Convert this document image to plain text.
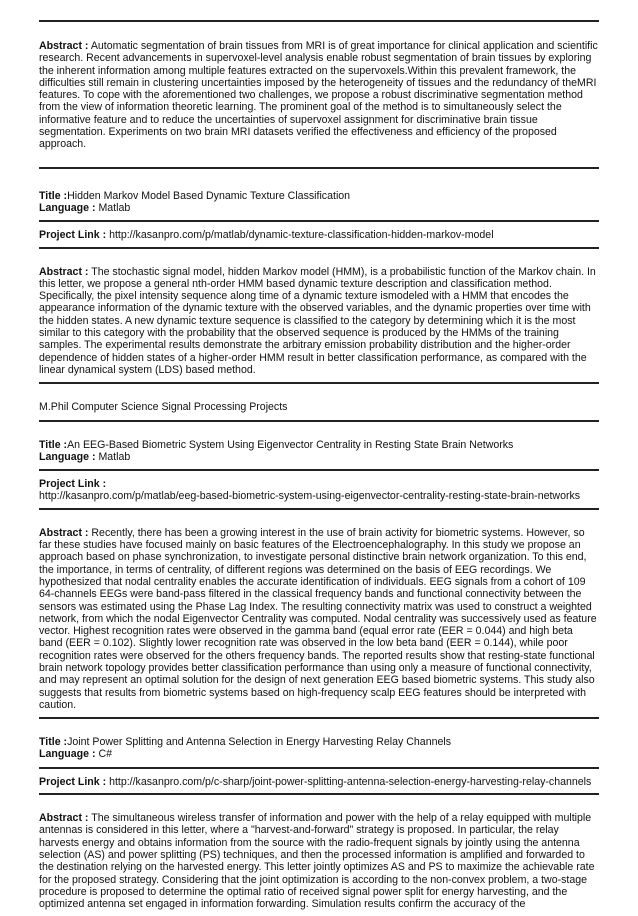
Abstract : Automatic segmentation of brain tissues from MRI is of great importance for clinical application and scientific research. Recent advancements in supervoxel-level analysis enable robust segmentation of brain tissues by exploring the inherent information among multiple features extracted on the supervoxels.Within this prevalent framework, the difficulties still remain in clustering uncertainties imposed by the heterogeneity of tissues and the redundancy of theMRI features. To cope with the aforementioned two challenges, we propose a robust discriminative segmentation method from the view of information theoretic learning. The prominent goal of the method is to simultaneously select the informative feature and to reduce the uncertainties of supervoxel assignment for discriminative brain tissue segmentation. Experiments on two brain MRI datasets verified the effectiveness and efficiency of the proposed approach.

Title :Hidden Markov Model Based Dynamic Texture Classification

Language : Matlab

Project Link : http://kasanpro.com/p/matlab/dynamic-texture-classification-hidden-markov-model

Abstract : The stochastic signal model, hidden Markov model (HMM), is a probabilistic function of the Markov chain. In this letter, we propose a general nth-order HMM based dynamic texture description and classification method. Specifically, the pixel intensity sequence along time of a dynamic texture ismodeled with a HMM that encodes the appearance information of the dynamic texture with the observed variables, and the dynamic properties over time with the hidden states. A new dynamic texture sequence is classified to the category by determining which it is the most similar to this category with the probability that the observed sequence is produced by the HMMs of the training samples. The experimental results demonstrate the arbitrary emission probability distribution and the higher-order dependence of hidden states of a higher-order HMM result in better classification performance, as compared with the linear dynamical system (LDS) based method.

M.Phil Computer Science Signal Processing Projects

Title :An EEG-Based Biometric System Using Eigenvector Centrality in Resting State Brain Networks

Language : Matlab

Project Link :

http://kasanpro.com/p/matlab/eeg-based-biometric-system-using-eigenvector-centrality-resting-state-brain-networks

Abstract : Recently, there has been a growing interest in the use of brain activity for biometric systems. However, so far these studies have focused mainly on basic features of the Electroencephalography. In this study we propose an approach based on phase synchronization, to investigate personal distinctive brain network organization. To this end, the importance, in terms of centrality, of different regions was determined on the basis of EEG recordings. We hypothesized that nodal centrality enables the accurate identification of individuals. EEG signals from a cohort of 109 64-channels EEGs were band-pass filtered in the classical frequency bands and functional connectivity between the sensors was estimated using the Phase Lag Index. The resulting connectivity matrix was used to construct a weighted network, from which the nodal Eigenvector Centrality was computed. Nodal centrality was successively used as feature vector. Highest recognition rates were observed in the gamma band (equal error rate (EER = 0.044) and high beta band (EER = 0.102). Slightly lower recognition rate was observed in the low beta band (EER = 0.144), while poor recognition rates were observed for the others frequency bands. The reported results show that resting-state functional brain network topology provides better classification performance than using only a measure of functional connectivity, and may represent an optimal solution for the design of next generation EEG based biometric systems. This study also suggests that results from biometric systems based on high-frequency scalp EEG features should be interpreted with caution.

Title :Joint Power Splitting and Antenna Selection in Energy Harvesting Relay Channels

Language : C#

Project Link : http://kasanpro.com/p/c-sharp/joint-power-splitting-antenna-selection-energy-harvesting-relay-channels

Abstract : The simultaneous wireless transfer of information and power with the help of a relay equipped with multiple antennas is considered in this letter, where a "harvest-and-forward" strategy is proposed. In particular, the relay harvests energy and obtains information from the source with the radio-frequent signals by jointly using the antenna selection (AS) and power splitting (PS) techniques, and then the processed information is amplified and forwarded to the destination relying on the harvested energy. This letter jointly optimizes AS and PS to maximize the achievable rate for the proposed strategy. Considering that the joint optimization is according to the non-convex problem, a two-stage procedure is proposed to determine the optimal ratio of received signal power split for energy harvesting, and the optimized antenna set engaged in information forwarding. Simulation results confirm the accuracy of the
